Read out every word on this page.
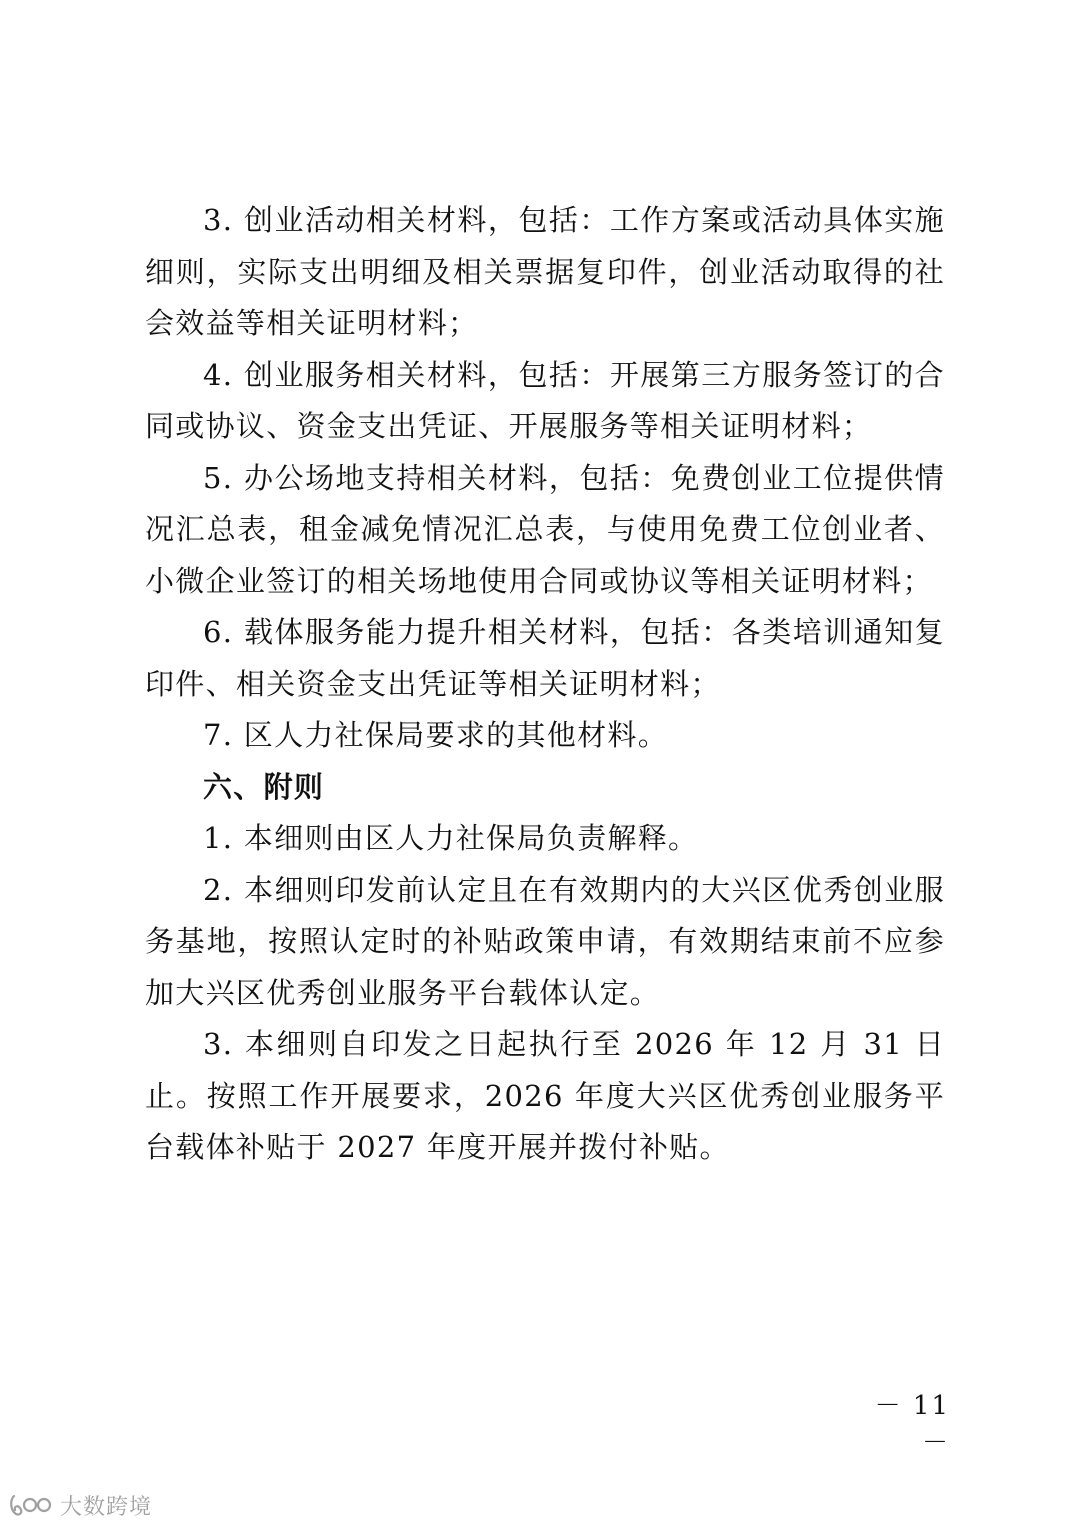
3. 创业活动相关材料，包括：工作方案或活动具体实施细则，实际支出明细及相关票据复印件，创业活动取得的社会效益等相关证明材料；

4. 创业服务相关材料，包括：开展第三方服务签订的合同或协议、资金支出凭证、开展服务等相关证明材料；

5. 办公场地支持相关材料，包括：免费创业工位提供情况汇总表，租金减免情况汇总表，与使用免费工位创业者、小微企业签订的相关场地使用合同或协议等相关证明材料；

6. 载体服务能力提升相关材料，包括：各类培训通知复印件、相关资金支出凭证等相关证明材料；

7. 区人力社保局要求的其他材料。

六、附则

1. 本细则由区人力社保局负责解释。

2. 本细则印发前认定且在有效期内的大兴区优秀创业服务基地，按照认定时的补贴政策申请，有效期结束前不应参加大兴区优秀创业服务平台载体认定。

3. 本细则自印发之日起执行至 2026 年 12 月 31 日止。按照工作开展要求，2026 年度大兴区优秀创业服务平台载体补贴于 2027 年度开展并拨付补贴。

－ 11 －
大数跨境
